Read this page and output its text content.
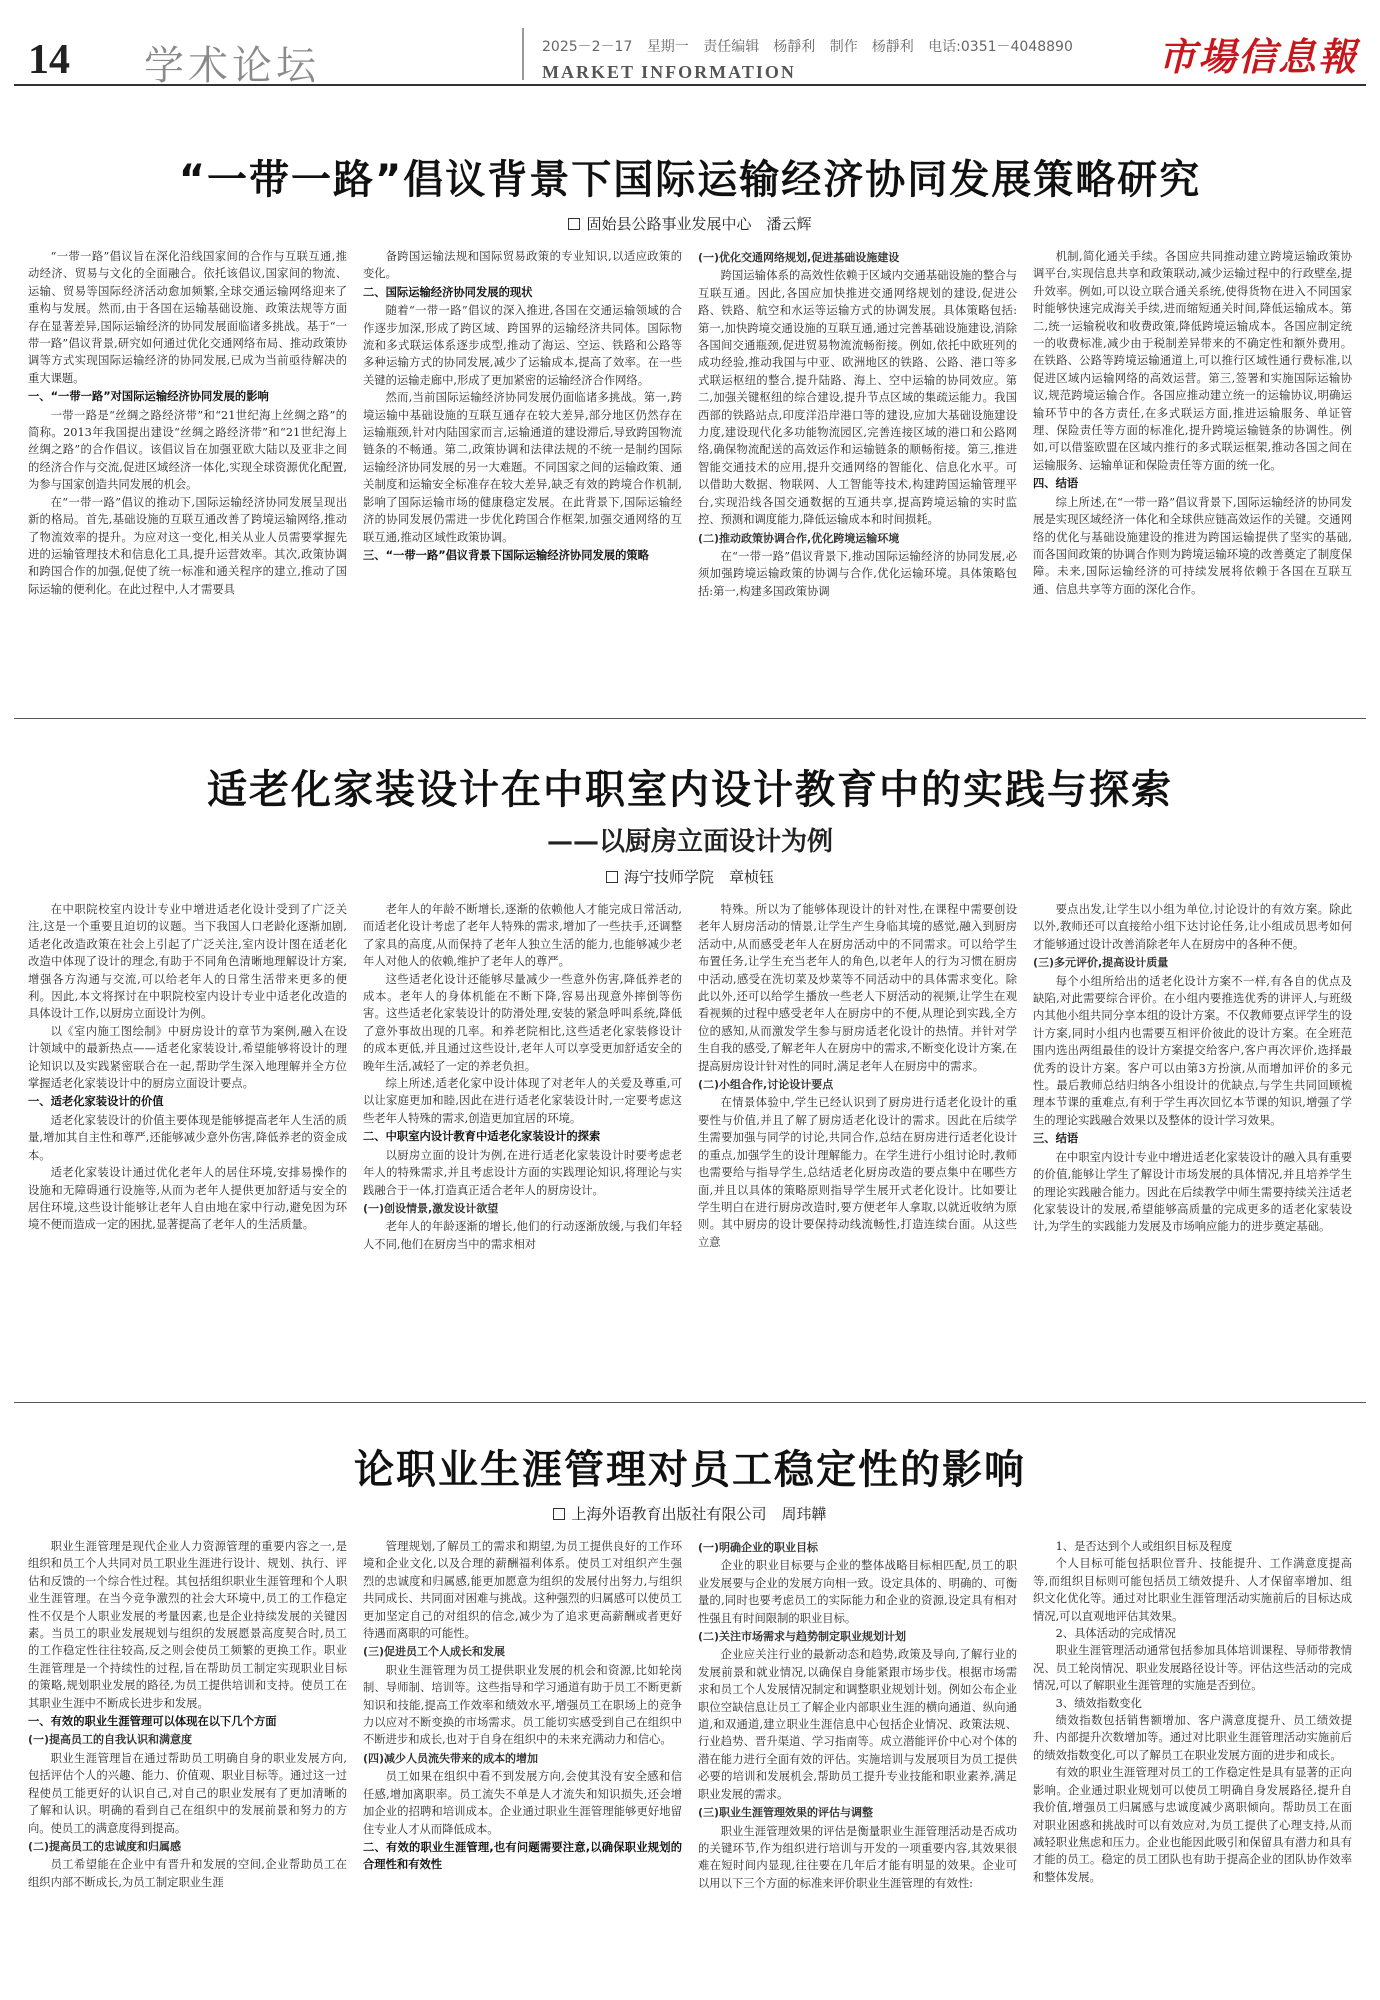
14 学术论坛	2025－2－17 星期一 责任编辑　杨靜利 制作　杨靜利 电话:0351－4048890
MARKET INFORMATION	市場信息報
“一带一路”倡议背景下国际运输经济协同发展策略研究
固始县公路事业发展中心　潘云辉

“一带一路”倡议旨在深化沿线国家间的合作与互联互通,推动经济、贸易与文化的全面融合。依托该倡议,国家间的物流、运输、贸易等国际经济活动愈加频繁,全球交通运输网络迎来了重构与发展。然而,由于各国在运输基础设施、政策法规等方面存在显著差异,国际运输经济的协同发展面临诸多挑战。基于“一带一路”倡议背景,研究如何通过优化交通网络布局、推动政策协调等方式实现国际运输经济的协同发展,已成为当前亟待解决的重大课题。

一、“一带一路”对国际运输经济协同发展的影响

一带一路是“丝绸之路经济带”和“21世纪海上丝绸之路”的简称。2013年我国提出建设“丝绸之路经济带”和“21世纪海上丝绸之路”的合作倡议。该倡议旨在加强亚欧大陆以及亚非之间的经济合作与交流,促进区域经济一体化,实现全球资源优化配置,为参与国家创造共同发展的机会。

在“一带一路”倡议的推动下,国际运输经济协同发展呈现出新的格局。首先,基础设施的互联互通改善了跨境运输网络,推动了物流效率的提升。为应对这一变化,相关从业人员需要掌握先进的运输管理技术和信息化工具,提升运营效率。其次,政策协调和跨国合作的加强,促使了统一标准和通关程序的建立,推动了国际运输的便利化。在此过程中,人才需要具

备跨国运输法规和国际贸易政策的专业知识,以适应政策的变化。

二、国际运输经济协同发展的现状

随着“一带一路”倡议的深入推进,各国在交通运输领域的合作逐步加深,形成了跨区域、跨国界的运输经济共同体。国际物流和多式联运体系逐步成型,推动了海运、空运、铁路和公路等多种运输方式的协同发展,减少了运输成本,提高了效率。在一些关键的运输走廊中,形成了更加紧密的运输经济合作网络。

然而,当前国际运输经济协同发展仍面临诸多挑战。第一,跨境运输中基础设施的互联互通存在较大差异,部分地区仍然存在运输瓶颈,针对内陆国家而言,运输通道的建设滞后,导致跨国物流链条的不畅通。第二,政策协调和法律法规的不统一是制约国际运输经济协同发展的另一大难题。不同国家之间的运输政策、通关制度和运输安全标准存在较大差异,缺乏有效的跨境合作机制,影响了国际运输市场的健康稳定发展。在此背景下,国际运输经济的协同发展仍需进一步优化跨国合作框架,加强交通网络的互联互通,推动区域性政策协调。

三、“一带一路”倡议背景下国际运输经济协同发展的策略
(一)优化交通网络规划,促进基础设施建设

跨国运输体系的高效性依赖于区域内交通基础设施的整合与互联互通。因此,各国应加快推进交通网络规划的建设,促进公路、铁路、航空和水运等运输方式的协调发展。具体策略包括:第一,加快跨境交通设施的互联互通,通过完善基础设施建设,消除各国间交通瓶颈,促进贸易物流流畅衔接。例如,依托中欧班列的成功经验,推动我国与中亚、欧洲地区的铁路、公路、港口等多式联运枢纽的整合,提升陆路、海上、空中运输的协同效应。第二,加强关键枢纽的综合建设,提升节点区域的集疏运能力。我国西部的铁路站点,印度洋沿岸港口等的建设,应加大基础设施建设力度,建设现代化多功能物流园区,完善连接区域的港口和公路网络,确保物流配送的高效运作和运输链条的顺畅衔接。第三,推进智能交通技术的应用,提升交通网络的智能化、信息化水平。可以借助大数据、物联网、人工智能等技术,构建跨国运输管理平台,实现沿线各国交通数据的互通共享,提高跨境运输的实时监控、预测和调度能力,降低运输成本和时间损耗。

(二)推动政策协调合作,优化跨境运输环境

在“一带一路”倡议背景下,推动国际运输经济的协同发展,必须加强跨境运输政策的协调与合作,优化运输环境。具体策略包括:第一,构建多国政策协调

机制,简化通关手续。各国应共同推动建立跨境运输政策协调平台,实现信息共享和政策联动,减少运输过程中的行政壁垒,提升效率。例如,可以设立联合通关系统,使得货物在进入不同国家时能够快速完成海关手续,进而缩短通关时间,降低运输成本。第二,统一运输税收和收费政策,降低跨境运输成本。各国应制定统一的收费标准,减少由于税制差异带来的不确定性和额外费用。在铁路、公路等跨境运输通道上,可以推行区域性通行费标准,以促进区域内运输网络的高效运营。第三,签署和实施国际运输协议,规范跨境运输合作。各国应推动建立统一的运输协议,明确运输环节中的各方责任,在多式联运方面,推进运输服务、单证管理、保险责任等方面的标准化,提升跨境运输链条的协调性。例如,可以借鉴欧盟在区域内推行的多式联运框架,推动各国之间在运输服务、运输单证和保险责任等方面的统一化。

四、结语

综上所述,在“一带一路”倡议背景下,国际运输经济的协同发展是实现区域经济一体化和全球供应链高效运作的关键。交通网络的优化与基础设施建设的推进为跨国运输提供了坚实的基础,而各国间政策的协调合作则为跨境运输环境的改善奠定了制度保障。未来,国际运输经济的可持续发展将依赖于各国在互联互通、信息共享等方面的深化合作。

适老化家装设计在中职室内设计教育中的实践与探索
——以厨房立面设计为例
海宁技师学院　章桢钰

在中职院校室内设计专业中增进适老化设计受到了广泛关注,这是一个重要且迫切的议题。当下我国人口老龄化逐渐加剧,适老化改造政策在社会上引起了广泛关注,室内设计图在适老化改造中体现了设计的理念,有助于不同角色清晰地理解设计方案,增强各方沟通与交流,可以给老年人的日常生活带来更多的便利。因此,本文将探讨在中职院校室内设计专业中适老化改造的具体设计工作,以厨房立面设计为例。

以《室内施工图绘制》中厨房设计的章节为案例,融入在设计领域中的最新热点——适老化家装设计,希望能够将设计的理论知识以及实践紧密联合在一起,帮助学生深入地理解并全方位掌握适老化家装设计中的厨房立面设计要点。

一、适老化家装设计的价值

适老化家装设计的价值主要体现是能够提高老年人生活的质量,增加其自主性和尊严,还能够减少意外伤害,降低养老的资金成本。

适老化家装设计通过优化老年人的居住环境,安排易操作的设施和无障碍通行设施等,从而为老年人提供更加舒适与安全的居住环境,这些设计能够让老年人自由地在家中行动,避免因为环境不便而造成一定的困扰,显著提高了老年人的生活质量。

老年人的年龄不断增长,逐渐的依赖他人才能完成日常活动,而适老化设计考虑了老年人特殊的需求,增加了一些扶手,还调整了家具的高度,从而保持了老年人独立生活的能力,也能够减少老年人对他人的依赖,维护了老年人的尊严。

这些适老化设计还能够尽量减少一些意外伤害,降低养老的成本。老年人的身体机能在不断下降,容易出现意外摔倒等伤害。这些适老化家装设计的防滑处理,安装的紧急呼叫系统,降低了意外事故出现的几率。和养老院相比,这些适老化家装修设计的成本更低,并且通过这些设计,老年人可以享受更加舒适安全的晚年生活,减轻了一定的养老负担。

综上所述,适老化家中设计体现了对老年人的关爱及尊重,可以让家庭更加和睦,因此在进行适老化家装设计时,一定要考虑这些老年人特殊的需求,创造更加宜居的环境。

二、中职室内设计教育中适老化家装设计的探索

以厨房立面的设计为例,在进行适老化家装设计时要考虑老年人的特殊需求,并且考虑设计方面的实践理论知识,将理论与实践融合于一体,打造真正适合老年人的厨房设计。

(一)创设情景,激发设计欲望

老年人的年龄逐渐的增长,他们的行动逐渐放缓,与我们年轻人不同,他们在厨房当中的需求相对

特殊。所以为了能够体现设计的针对性,在课程中需要创设老年人厨房活动的情景,让学生产生身临其境的感觉,融入到厨房活动中,从而感受老年人在厨房活动中的不同需求。可以给学生布置任务,让学生充当老年人的角色,以老年人的行为习惯在厨房中活动,感受在洗切菜及炒菜等不同活动中的具体需求变化。除此以外,还可以给学生播放一些老人下厨活动的视频,让学生在观看视频的过程中感受老年人在厨房中的不便,从理论到实践,全方位的感知,从而激发学生参与厨房适老化设计的热情。并针对学生自我的感受,了解老年人在厨房中的需求,不断变化设计方案,在提高厨房设计针对性的同时,满足老年人在厨房中的需求。

(二)小组合作,讨论设计要点

在情景体验中,学生已经认识到了厨房进行适老化设计的重要性与价值,并且了解了厨房适老化设计的需求。因此在后续学生需要加强与同学的讨论,共同合作,总结在厨房进行适老化设计的重点,加强学生的设计理解能力。在学生进行小组讨论时,教师也需要给与指导学生,总结适老化厨房改造的要点集中在哪些方面,并且以具体的策略原则指导学生展开式老化设计。比如要让学生明白在进行厨房改造时,要方便老年人拿取,以就近收纳为原则。其中厨房的设计要保持动线流畅性,打造连续台面。从这些立意

要点出发,让学生以小组为单位,讨论设计的有效方案。除此以外,教师还可以直接给小组下达讨论任务,让小组成员思考如何才能够通过设计改善消除老年人在厨房中的各种不便。

(三)多元评价,提高设计质量

每个小组所给出的适老化设计方案不一样,有各自的优点及缺陷,对此需要综合评价。在小组内要推选优秀的讲评人,与班级内其他小组共同分享本组的设计方案。不仅教师要点评学生的设计方案,同时小组内也需要互相评价彼此的设计方案。在全班范围内选出两组最佳的设计方案提交给客户,客户再次评价,选择最优秀的设计方案。客户可以由第3方扮演,从而增加评价的多元性。最后教师总结归纳各小组设计的优缺点,与学生共同回顾梳理本节课的重难点,有利于学生再次回忆本节课的知识,增强了学生的理论实践融合效果以及整体的设计学习效果。

三、结语

在中职室内设计专业中增进适老化家装设计的融入具有重要的价值,能够让学生了解设计市场发展的具体情况,并且培养学生的理论实践融合能力。因此在后续教学中师生需要持续关注适老化家装设计的发展,希望能够高质量的完成更多的适老化家装设计,为学生的实践能力发展及市场响应能力的进步奠定基础。

论职业生涯管理对员工稳定性的影响
上海外语教育出版社有限公司　周玮韡

职业生涯管理是现代企业人力资源管理的重要内容之一,是组织和员工个人共同对员工职业生涯进行设计、规划、执行、评估和反馈的一个综合性过程。其包括组织职业生涯管理和个人职业生涯管理。在当今竞争激烈的社会大环境中,员工的工作稳定性不仅是个人职业发展的考量因素,也是企业持续发展的关键因素。当员工的职业发展规划与组织的发展愿景高度契合时,员工的工作稳定性往往较高,反之则会使员工频繁的更换工作。职业生涯管理是一个持续性的过程,旨在帮助员工制定实现职业目标的策略,规划职业发展的路径,为员工提供培训和支持。使员工在其职业生涯中不断成长进步和发展。

一、有效的职业生涯管理可以体现在以下几个方面
(一)提高员工的自我认识和满意度

职业生涯管理旨在通过帮助员工明确自身的职业发展方向,包括评估个人的兴趣、能力、价值观、职业目标等。通过这一过程使员工能更好的认识自己,对自己的职业发展有了更加清晰的了解和认识。明确的看到自己在组织中的发展前景和努力的方向。使员工的满意度得到提高。

(二)提高员工的忠诚度和归属感

员工希望能在企业中有晋升和发展的空间,企业帮助员工在组织内部不断成长,为员工制定职业生涯

管理规划,了解员工的需求和期望,为员工提供良好的工作环境和企业文化,以及合理的薪酬福利体系。使员工对组织产生强烈的忠诚度和归属感,能更加愿意为组织的发展付出努力,与组织共同成长、共同面对困难与挑战。这种强烈的归属感可以使员工更加坚定自己的对组织的信念,减少为了追求更高薪酬或者更好待遇而离职的可能性。

(三)促进员工个人成长和发展

职业生涯管理为员工提供职业发展的机会和资源,比如轮岗制、导师制、培训等。这些指导和学习通道有助于员工不断更新知识和技能,提高工作效率和绩效水平,增强员工在职场上的竞争力以应对不断变换的市场需求。员工能切实感受到自己在组织中不断进步和成长,也对于自身在组织中的未来充满动力和信心。

(四)减少人员流失带来的成本的增加

员工如果在组织中看不到发展方向,会使其没有安全感和信任感,增加离职率。员工流失不单是人才流失和知识损失,还会增加企业的招聘和培训成本。企业通过职业生涯管理能够更好地留住专业人才从而降低成本。

二、有效的职业生涯管理,也有问题需要注意,以确保职业规划的合理性和有效性
(一)明确企业的职业目标

企业的职业目标要与企业的整体战略目标相匹配,员工的职业发展要与企业的发展方向相一致。设定具体的、明确的、可衡量的,同时也要考虑员工的实际能力和企业的资源,设定具有相对性强且有时间限制的职业目标。

(二)关注市场需求与趋势制定职业规划计划

企业应关注行业的最新动态和趋势,政策及导向,了解行业的发展前景和就业情况,以确保自身能紧跟市场步伐。根据市场需求和员工个人发展情况制定和调整职业规划计划。例如公布企业职位空缺信息让员工了解企业内部职业生涯的横向通道、纵向通道,和双通道,建立职业生涯信息中心包括企业情况、政策法规、行业趋势、晋升渠道、学习指南等。成立潜能评价中心对个体的潜在能力进行全面有效的评估。实施培训与发展项目为员工提供必要的培训和发展机会,帮助员工提升专业技能和职业素养,满足职业发展的需求。

(三)职业生涯管理效果的评估与调整

职业生涯管理效果的评估是衡量职业生涯管理活动是否成功的关键环节,作为组织进行培训与开发的一项重要内容,其效果很难在短时间内显现,往往要在几年后才能有明显的效果。企业可以用以下三个方面的标准来评价职业生涯管理的有效性:

1、是否达到个人或组织目标及程度

个人目标可能包括职位晋升、技能提升、工作满意度提高等,而组织目标则可能包括员工绩效提升、人才保留率增加、组织文化优化等。通过对比职业生涯管理活动实施前后的目标达成情况,可以直观地评估其效果。

2、具体活动的完成情况

职业生涯管理活动通常包括参加具体培训课程、导师带教情况、员工轮岗情况、职业发展路径设计等。评估这些活动的完成情况,可以了解职业生涯管理的实施是否到位。

3、绩效指数变化

绩效指数包括销售额增加、客户满意度提升、员工绩效提升、内部提升次数增加等。通过对比职业生涯管理活动实施前后的绩效指数变化,可以了解员工在职业发展方面的进步和成长。

有效的职业生涯管理对员工的工作稳定性是具有显著的正向影响。企业通过职业规划可以使员工明确自身发展路径,提升自我价值,增强员工归属感与忠诚度减少离职倾向。帮助员工在面对职业困惑和挑战时可以有效应对,为员工提供了心理支持,从而减轻职业焦虑和压力。企业也能因此吸引和保留具有潜力和具有才能的员工。稳定的员工团队也有助于提高企业的团队协作效率和整体发展。
